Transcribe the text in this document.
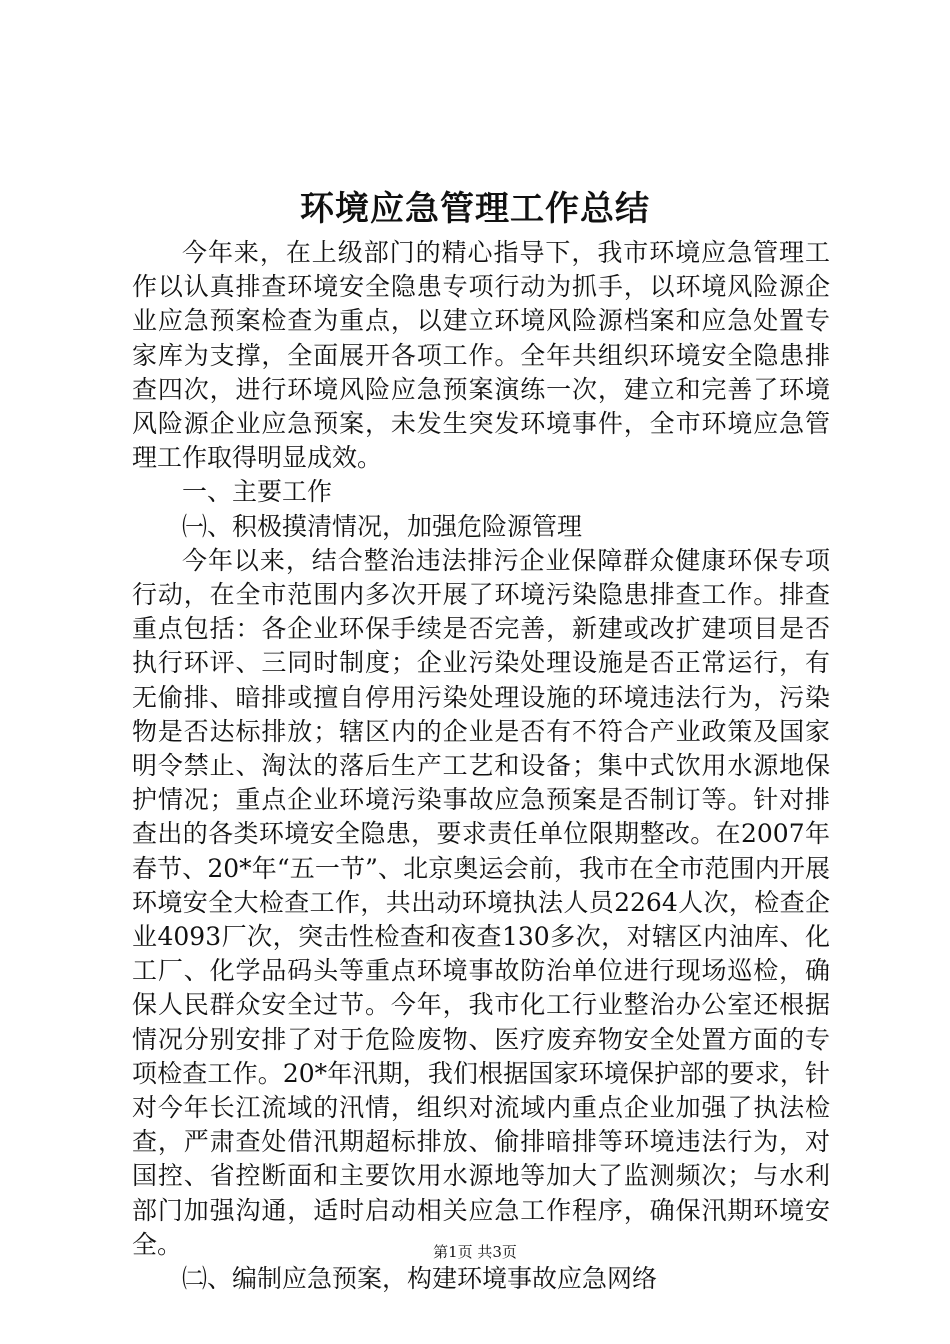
环境应急管理工作总结

今年来，在上级部门的精心指导下，我市环境应急管理工作以认真排查环境安全隐患专项行动为抓手，以环境风险源企业应急预案检查为重点，以建立环境风险源档案和应急处置专家库为支撑，全面展开各项工作。全年共组织环境安全隐患排查四次，进行环境风险应急预案演练一次，建立和完善了环境风险源企业应急预案，未发生突发环境事件，全市环境应急管理工作取得明显成效。

一、主要工作

㈠、积极摸清情况，加强危险源管理

今年以来，结合整治违法排污企业保障群众健康环保专项行动，在全市范围内多次开展了环境污染隐患排查工作。排查重点包括：各企业环保手续是否完善，新建或改扩建项目是否执行环评、三同时制度；企业污染处理设施是否正常运行，有无偷排、暗排或擅自停用污染处理设施的环境违法行为，污染物是否达标排放；辖区内的企业是否有不符合产业政策及国家明令禁止、淘汰的落后生产工艺和设备；集中式饮用水源地保护情况；重点企业环境污染事故应急预案是否制订等。针对排查出的各类环境安全隐患，要求责任单位限期整改。在2007年春节、20*年“五一节”、北京奥运会前，我市在全市范围内开展环境安全大检查工作，共出动环境执法人员2264人次，检查企业4093厂次，突击性检查和夜查130多次，对辖区内油库、化工厂、化学品码头等重点环境事故防治单位进行现场巡检，确保人民群众安全过节。今年，我市化工行业整治办公室还根据情况分别安排了对于危险废物、医疗废弃物安全处置方面的专项检查工作。20*年汛期，我们根据国家环境保护部的要求，针对今年长江流域的汛情，组织对流域内重点企业加强了执法检查，严肃查处借汛期超标排放、偷排暗排等环境违法行为，对国控、省控断面和主要饮用水源地等加大了监测频次；与水利部门加强沟通，适时启动相关应急工作程序，确保汛期环境安全。

㈡、编制应急预案，构建环境事故应急网络

第1页 共3页
